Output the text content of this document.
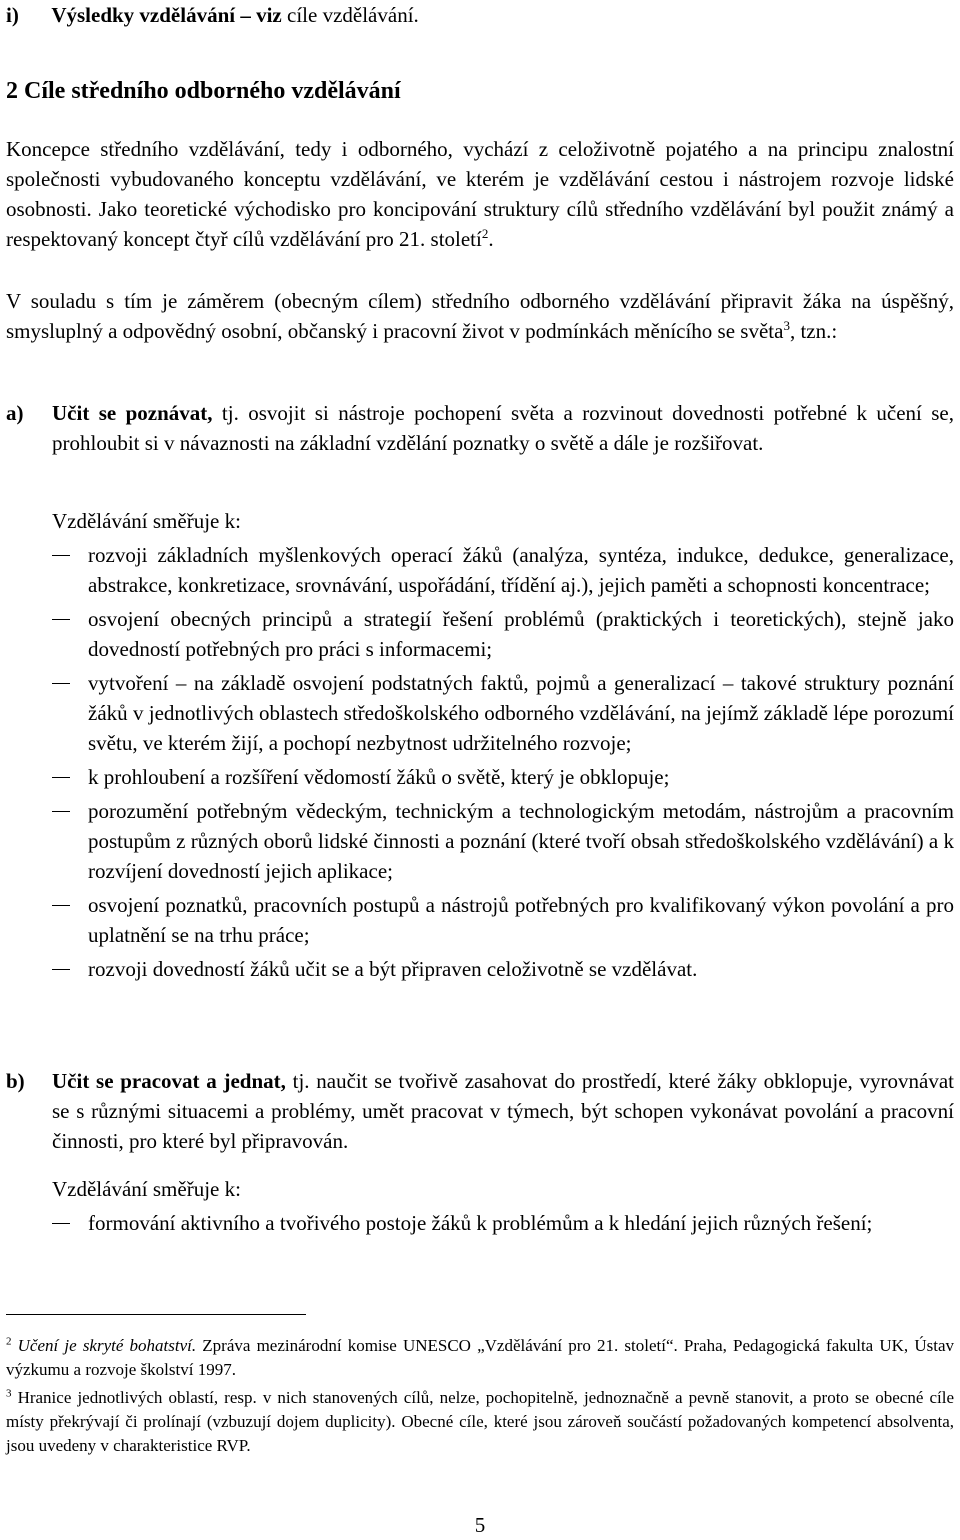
i) Výsledky vzdělávání – viz cíle vzdělávání.
2 Cíle středního odborného vzdělávání
Koncepce středního vzdělávání, tedy i odborného, vychází z celoživotně pojatého a na principu znalostní společnosti vybudovaného konceptu vzdělávání, ve kterém je vzdělávání cestou i nástrojem rozvoje lidské osobnosti. Jako teoretické východisko pro koncipování struktury cílů středního vzdělávání byl použit známý a respektovaný koncept čtyř cílů vzdělávání pro 21. století$^2$.
V souladu s tím je záměrem (obecným cílem) středního odborného vzdělávání připravit žáka na úspěšný, smysluplný a odpovědný osobní, občanský i pracovní život v podmínkách měnícího se světa$^3$, tzn.:
a) Učit se poznávat, tj. osvojit si nástroje pochopení světa a rozvinout dovednosti potřebné k učení se, prohloubit si v návaznosti na základní vzdělání poznatky o světě a dále je rozšiřovat.
Vzdělávání směřuje k:
rozvoji základních myšlenkových operací žáků (analýza, syntéza, indukce, dedukce, generalizace, abstrakce, konkretizace, srovnávání, uspořádání, třídění aj.), jejich paměti a schopnosti koncentrace;
osvojení obecných principů a strategií řešení problémů (praktických i teoretických), stejně jako dovedností potřebných pro práci s informacemi;
vytvoření – na základě osvojení podstatných faktů, pojmů a generalizací – takové struktury poznání žáků v jednotlivých oblastech středoškolského odborného vzdělávání, na jejímž základě lépe porozumí světu, ve kterém žijí, a pochopí nezbytnost udržitelného rozvoje;
k prohloubení a rozšíření vědomostí žáků o světě, který je obklopuje;
porozumění potřebným vědeckým, technickým a technologickým metodám, nástrojům a pracovním postupům z různých oborů lidské činnosti a poznání (které tvoří obsah středoškolského vzdělávání) a k rozvíjení dovedností jejich aplikace;
osvojení poznatků, pracovních postupů a nástrojů potřebných pro kvalifikovaný výkon povolání a pro uplatnění se na trhu práce;
rozvoji dovedností žáků učit se a být připraven celoživotně se vzdělávat.
b) Učit se pracovat a jednat, tj. naučit se tvořivě zasahovat do prostředí, které žáky obklopuje, vyrovnávat se s různými situacemi a problémy, umět pracovat v týmech, být schopen vykonávat povolání a pracovní činnosti, pro které byl připravován.
Vzdělávání směřuje k:
formování aktivního a tvořivého postoje žáků k problémům a k hledání jejich různých řešení;
$^2$ Učení je skryté bohatství. Zpráva mezinárodní komise UNESCO „Vzdělávání pro 21. století“. Praha, Pedagogická fakulta UK, Ústav výzkumu a rozvoje školství 1997.
$^3$ Hranice jednotlivých oblastí, resp. v nich stanovených cílů, nelze, pochopitelně, jednoznačně a pevně stanovit, a proto se obecné cíle místy překrývají či prolínají (vzbuzují dojem duplicity). Obecné cíle, které jsou zároveň součástí požadovaných kompetencí absolventa, jsou uvedeny v charakteristice RVP.
5
